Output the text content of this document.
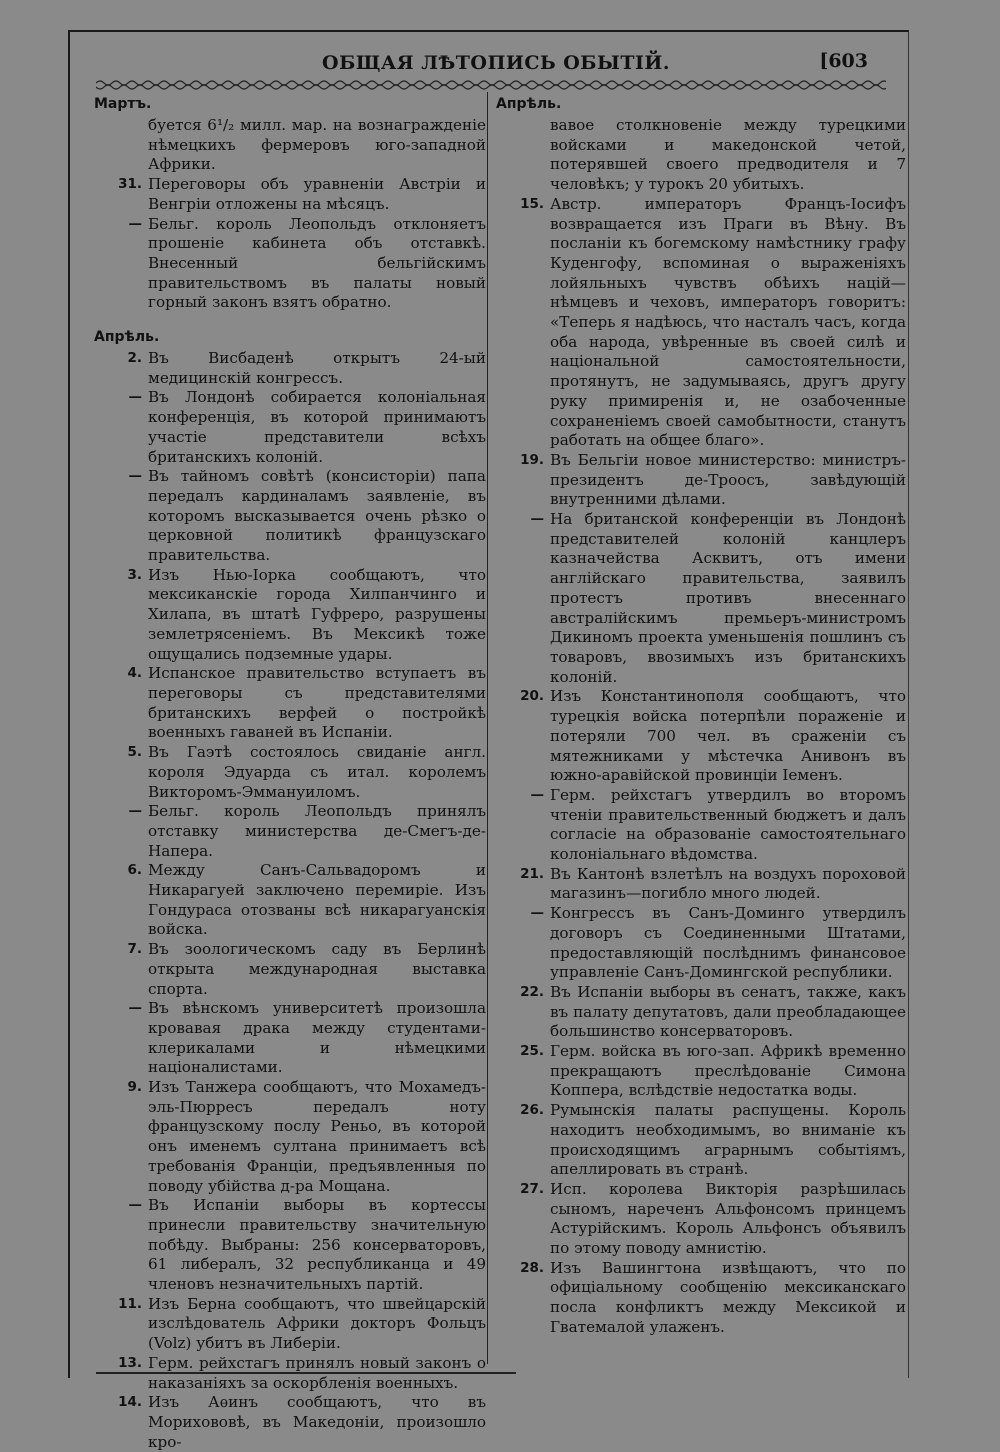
ОБЩАЯ ЛѢТОПИСЬ ОБЫТІЙ.	[603
Мартъ.
буется 6¹/₂ милл. мар. на вознагражденіе нѣмецкихъ фермеровъ юго-западной Африки.
31. Переговоры объ уравненіи Австріи и Венгріи отложены на мѣсяцъ.
— Бельг. король Леопольдъ отклоняетъ прошеніе кабинета объ отставкѣ. Внесенный бельгійскимъ правительствомъ въ палаты новый горный законъ взятъ обратно.
Апрѣль.
2. Въ Висбаденѣ открытъ 24-ый медицинскій конгрессъ.
— Въ Лондонѣ собирается колоніальная конференція, въ которой принимаютъ участіе представители всѣхъ британскихъ колоній.
— Въ тайномъ совѣтѣ (консисторіи) папа передалъ кардиналамъ заявленіе, въ которомъ высказывается очень рѣзко о церковной политикѣ французскаго правительства.
3. Изъ Нью-Іорка сообщаютъ, что мексиканскіе города Хилпанчинго и Хилапа, въ штатѣ Гуфреро, разрушены землетрясеніемъ. Въ Мексикѣ тоже ощущались подземные удары.
4. Испанское правительство вступаетъ въ переговоры съ представителями британскихъ верфей о постройкѣ военныхъ гаваней въ Испаніи.
5. Въ Гаэтѣ состоялось свиданіе англ. короля Эдуарда съ итал. королемъ Викторомъ-Эммануиломъ.
— Бельг. король Леопольдъ принялъ отставку министерства де-Смегъ-де-Напера.
6. Между Санъ-Сальвадоромъ и Никарагуей заключено перемиріе. Изъ Гондураса отозваны всѣ никарагуанскія войска.
7. Въ зоологическомъ саду въ Берлинѣ открыта международная выставка спорта.
— Въ вѣнскомъ университетѣ произошла кровавая драка между студентами-клерикалами и нѣмецкими націоналистами.
9. Изъ Танжера сообщаютъ, что Мохамедъ-эль-Пюрресъ передалъ ноту французскому послу Реньо, въ которой онъ именемъ султана принимаетъ всѣ требованія Франціи, предъявленныя по поводу убійства д-ра Мощана.
— Въ Испаніи выборы въ кортессы принесли правительству значительную побѣду. Выбраны: 256 консерваторовъ, 61 либералъ, 32 республиканца и 49 членовъ незначительныхъ партій.
11. Изъ Берна сообщаютъ, что швейцарскій изслѣдователь Африки докторъ Фольцъ (Volz) убитъ въ Либеріи.
13. Герм. рейхстагъ принялъ новый законъ о наказаніяхъ за оскорбленія военныхъ.
14. Изъ Аѳинъ сообщаютъ, что въ Морихововѣ, въ Македоніи, произошло кро-
Апрѣль.
вавое столкновеніе между турецкими войсками и македонской четой, потерявшей своего предводителя и 7 человѣкъ; у турокъ 20 убитыхъ.
15. Австр. императоръ Францъ-Іосифъ возвращается изъ Праги въ Вѣну. Въ посланіи къ богемскому намѣстнику графу Куденгофу, вспоминая о выраженіяхъ лойяльныхъ чувствъ обѣихъ націй—нѣмцевъ и чеховъ, императоръ говоритъ: «Теперь я надѣюсь, что насталъ часъ, когда оба народа, увѣренные въ своей силѣ и національной самостоятельности, протянутъ, не задумываясь, другъ другу руку примиренія и, не озабоченные сохраненіемъ своей самобытности, станутъ работать на общее благо».
19. Въ Бельгіи новое министерство: министръ-президентъ де-Троосъ, завѣдующій внутренними дѣлами.
— На британской конференціи въ Лондонѣ представителей колоній канцлеръ казначейства Асквитъ, отъ имени англійскаго правительства, заявилъ протестъ противъ внесеннаго австралійскимъ премьеръ-министромъ Дикиномъ проекта уменьшенія пошлинъ съ товаровъ, ввозимыхъ изъ британскихъ колоній.
20. Изъ Константинополя сообщаютъ, что турецкія войска потерпѣли пораженіе и потеряли 700 чел. въ сраженіи съ мятежниками у мѣстечка Анивонъ въ южно-аравійской провинціи Іеменъ.
— Герм. рейхстагъ утвердилъ во второмъ чтеніи правительственный бюджетъ и далъ согласіе на образованіе самостоятельнаго колоніальнаго вѣдомства.
21. Въ Кантонѣ взлетѣлъ на воздухъ пороховой магазинъ—погибло много людей.
— Конгрессъ въ Санъ-Доминго утвердилъ договоръ съ Соединенными Штатами, предоставляющій послѣднимъ финансовое управленіе Санъ-Домингской республики.
22. Въ Испаніи выборы въ сенатъ, также, какъ въ палату депутатовъ, дали преобладающее большинство консерваторовъ.
25. Герм. войска въ юго-зап. Африкѣ временно прекращаютъ преслѣдованіе Симона Коппера, вслѣдствіе недостатка воды.
26. Румынскія палаты распущены. Король находитъ необходимымъ, во вниманіе къ происходящимъ аграрнымъ событіямъ, апеллировать въ странѣ.
27. Исп. королева Викторія разрѣшилась сыномъ, нареченъ Альфонсомъ принцемъ Астурійскимъ. Король Альфонсъ объявилъ по этому поводу амнистію.
28. Изъ Вашингтона извѣщаютъ, что по офиціальному сообщенію мексиканскаго посла конфликтъ между Мексикой и Гватемалой улаженъ.
